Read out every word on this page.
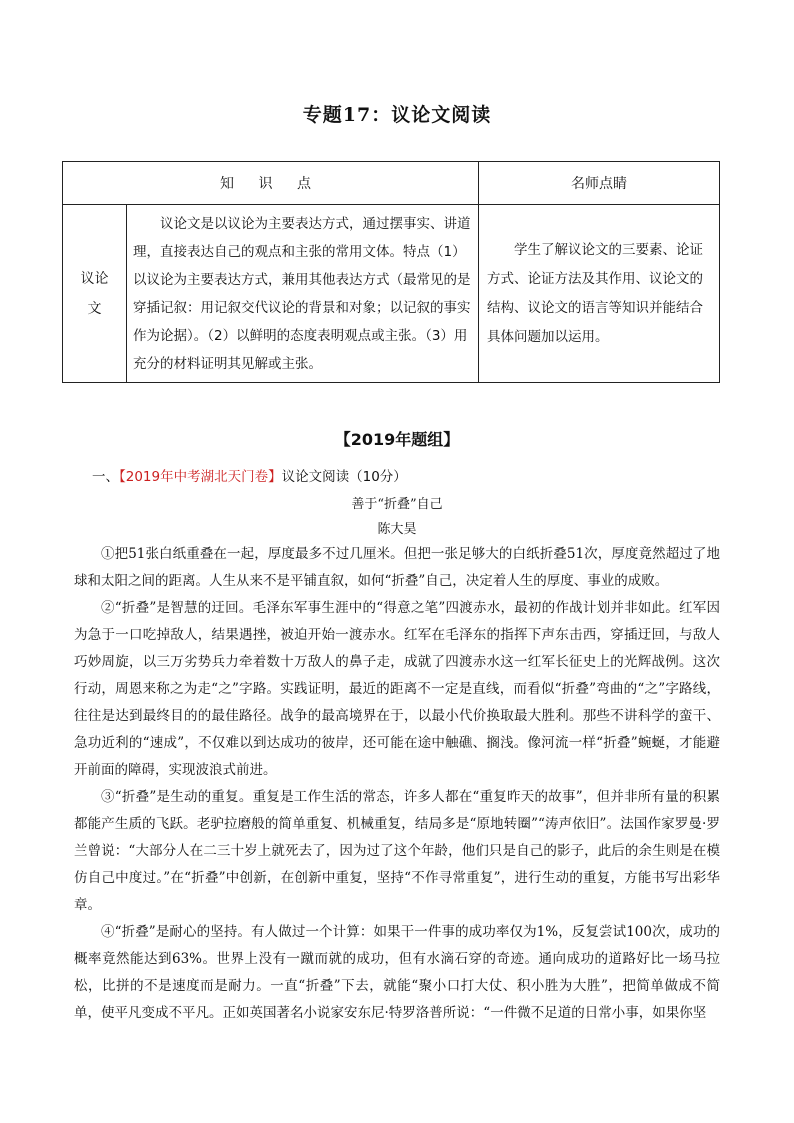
专题17：议论文阅读
知 识 点		名师点睛

议论文	议论文是以议论为主要表达方式，通过摆事实、讲道理，直接表达自己的观点和主张的常用文体。特点（1）以议论为主要表达方式，兼用其他表达方式（最常见的是穿插记叙：用记叙交代议论的背景和对象；以记叙的事实作为论据）。（2）以鲜明的态度表明观点或主张。（3）用充分的材料证明其见解或主张。	学生了解议论文的三要素、论证方式、论证方法及其作用、议论文的结构、议论文的语言等知识并能结合具体问题加以运用。
【2019年题组】
一、【2019年中考湖北天门卷】议论文阅读（10分）
善于“折叠”自己
陈大昊

①把51张白纸重叠在一起，厚度最多不过几厘米。但把一张足够大的白纸折叠51次，厚度竟然超过了地球和太阳之间的距离。人生从来不是平铺直叙，如何“折叠”自己，决定着人生的厚度、事业的成败。

②“折叠”是智慧的迂回。毛泽东军事生涯中的“得意之笔”四渡赤水，最初的作战计划并非如此。红军因为急于一口吃掉敌人，结果遇挫，被迫开始一渡赤水。红军在毛泽东的指挥下声东击西，穿插迂回，与敌人巧妙周旋，以三万劣势兵力牵着数十万敌人的鼻子走，成就了四渡赤水这一红军长征史上的光辉战例。这次行动，周恩来称之为走“之”字路。实践证明，最近的距离不一定是直线，而看似“折叠”弯曲的“之”字路线，往往是达到最终目的的最佳路径。战争的最高境界在于，以最小代价换取最大胜利。那些不讲科学的蛮干、急功近利的“速成”，不仅难以到达成功的彼岸，还可能在途中触礁、搁浅。像河流一样“折叠”蜿蜒，才能避开前面的障碍，实现波浪式前进。

③“折叠”是生动的重复。重复是工作生活的常态，许多人都在“重复昨天的故事”，但并非所有量的积累都能产生质的飞跃。老驴拉磨般的简单重复、机械重复，结局多是“原地转圈”“涛声依旧”。法国作家罗曼·罗兰曾说：“大部分人在二三十岁上就死去了，因为过了这个年龄，他们只是自己的影子，此后的余生则是在模仿自己中度过。”在“折叠”中创新，在创新中重复，坚持“不作寻常重复”，进行生动的重复，方能书写出彩华章。

④“折叠”是耐心的坚持。有人做过一个计算：如果干一件事的成功率仅为1%，反复尝试100次，成功的概率竟然能达到63%。世界上没有一蹴而就的成功，但有水滴石穿的奇迹。通向成功的道路好比一场马拉松，比拼的不是速度而是耐力。一直“折叠”下去，就能“聚小口打大仗、积小胜为大胜”，把简单做成不简单，使平凡变成不平凡。正如英国著名小说家安东尼·特罗洛普所说：“一件微不足道的日常小事，如果你坚
